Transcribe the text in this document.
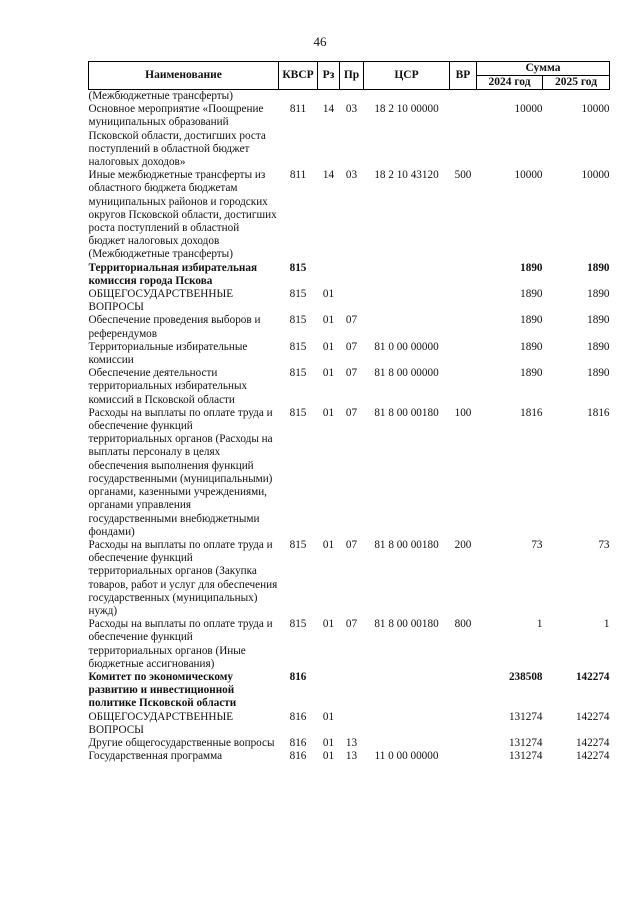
46
Наименование	КВСР	Рз	Пр	ЦСР	ВР	Сумма	
						2024 год	2025 год
(Межбюджетные трансферты)							
Основное мероприятие «Поощрение муниципальных образований Псковской области, достигших роста поступлений в областной бюджет налоговых доходов»	811	14	03	18 2 10 00000		10000	10000
Иные межбюджетные трансферты из областного бюджета бюджетам муниципальных районов и городских округов Псковской области, достигших роста поступлений в областной бюджет налоговых доходов (Межбюджетные трансферты)	811	14	03	18 2 10 43120	500	10000	10000
Территориальная избирательная комиссия города Пскова	815					1890	1890
ОБЩЕГОСУДАРСТВЕННЫЕ ВОПРОСЫ	815	01				1890	1890
Обеспечение проведения выборов и референдумов	815	01	07			1890	1890
Территориальные избирательные комиссии	815	01	07	81 0 00 00000		1890	1890
Обеспечение деятельности территориальных избирательных комиссий в Псковской области	815	01	07	81 8 00 00000		1890	1890
Расходы на выплаты по оплате труда и обеспечение функций территориальных органов (Расходы на выплаты персоналу в целях обеспечения выполнения функций государственными (муниципальными) органами, казенными учреждениями, органами управления государственными внебюджетными фондами)	815	01	07	81 8 00 00180	100	1816	1816
Расходы на выплаты по оплате труда и обеспечение функций территориальных органов (Закупка товаров, работ и услуг для обеспечения государственных (муниципальных) нужд)	815	01	07	81 8 00 00180	200	73	73
Расходы на выплаты по оплате труда и обеспечение функций территориальных органов (Иные бюджетные ассигнования)	815	01	07	81 8 00 00180	800	1	1
Комитет по экономическому развитию и инвестиционной политике Псковской области	816					238508	142274
ОБЩЕГОСУДАРСТВЕННЫЕ ВОПРОСЫ	816	01				131274	142274
Другие общегосударственные вопросы	816	01	13			131274	142274
Государственная программа	816	01	13	11 0 00 00000		131274	142274
